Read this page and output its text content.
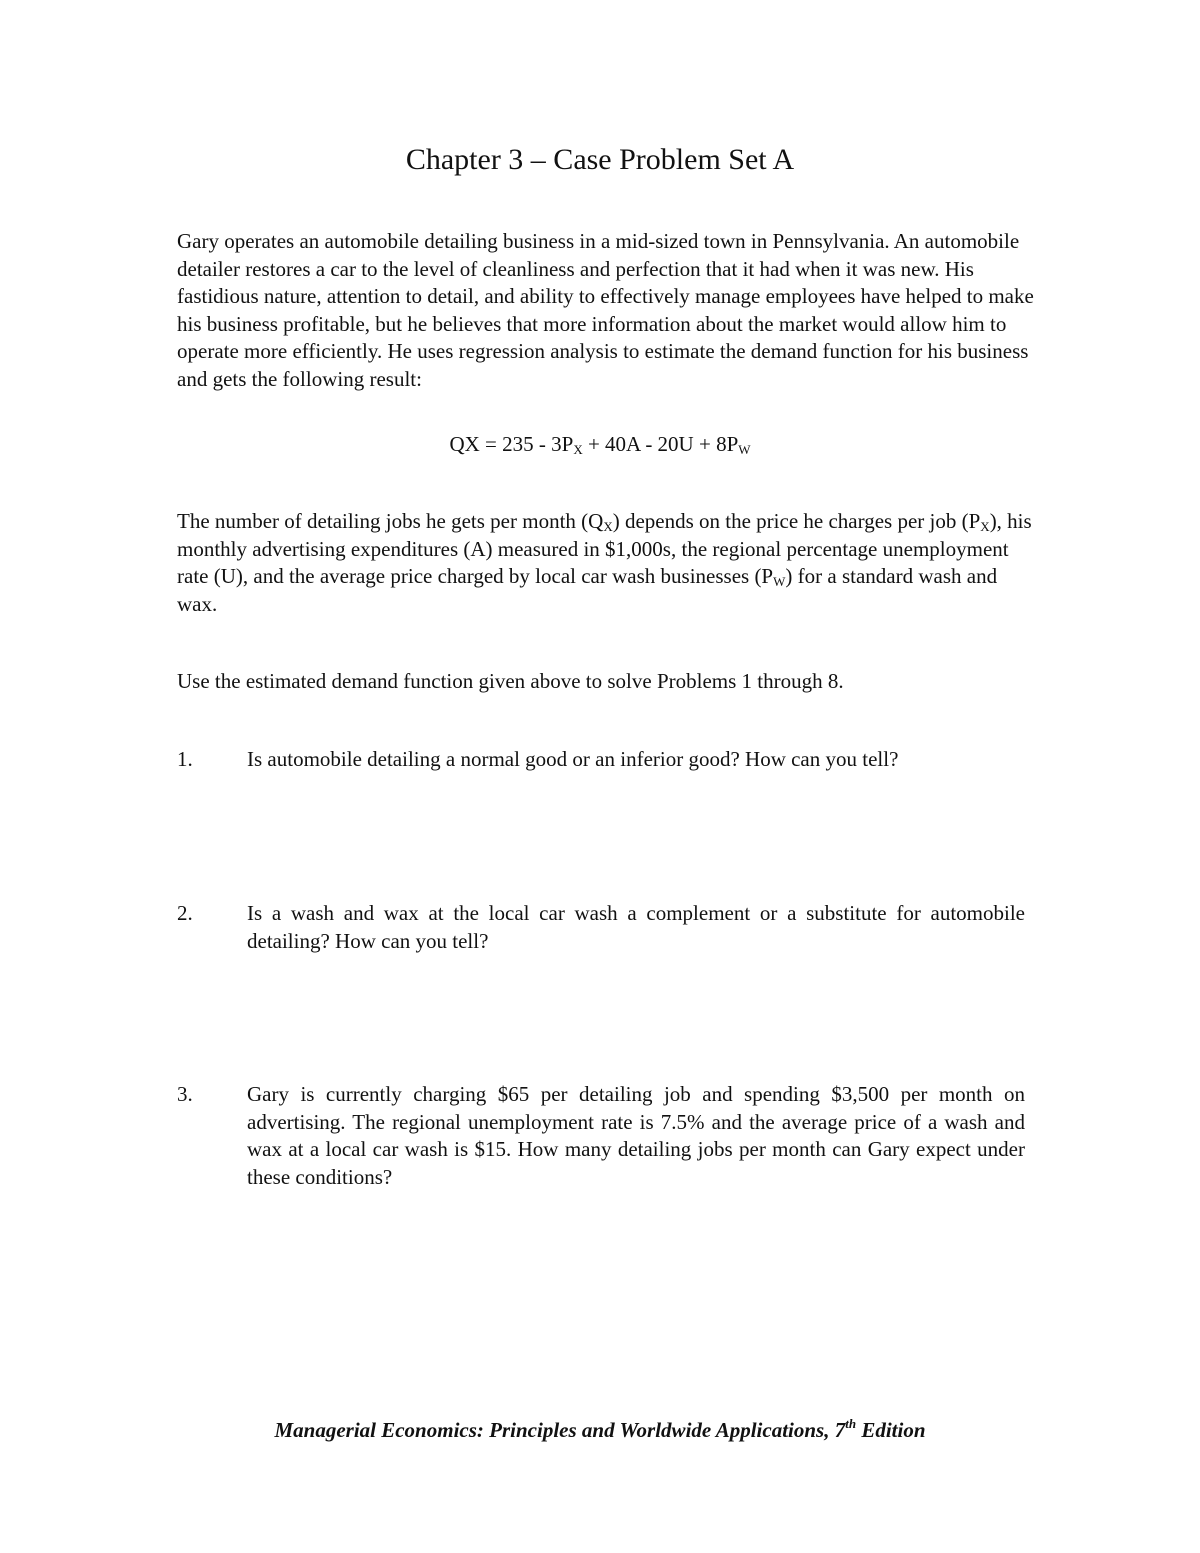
Chapter 3 – Case Problem Set A

Gary operates an automobile detailing business in a mid-sized town in Pennsylvania. An automobile detailer restores a car to the level of cleanliness and perfection that it had when it was new. His fastidious nature, attention to detail, and ability to effectively manage employees have helped to make his business profitable, but he believes that more information about the market would allow him to operate more efficiently. He uses regression analysis to estimate the demand function for his business and gets the following result:

QX = $235 - 3P_X + 40A - 20U + 8P_W$
The number of detailing jobs he gets per month $(Q_X)$ depends on the price he charges per job $(P_X)$, his monthly advertising expenditures (A) measured in $1,000s, the regional percentage unemployment rate (U), and the average price charged by local car wash businesses $(P_W)$ for a standard wash and wax.
Use the estimated demand function given above to solve Problems 1 through 8.
1.	Is automobile detailing a normal good or an inferior good? How can you tell?
2.	Is a wash and wax at the local car wash a complement or a substitute for automobile detailing? How can you tell?
3.	Gary is currently charging $65 per detailing job and spending $3,500 per month on advertising. The regional unemployment rate is 7.5% and the average price of a wash and wax at a local car wash is $15. How many detailing jobs per month can Gary expect under these conditions?
Managerial Economics: Principles and Worldwide Applications, 7th Edition
